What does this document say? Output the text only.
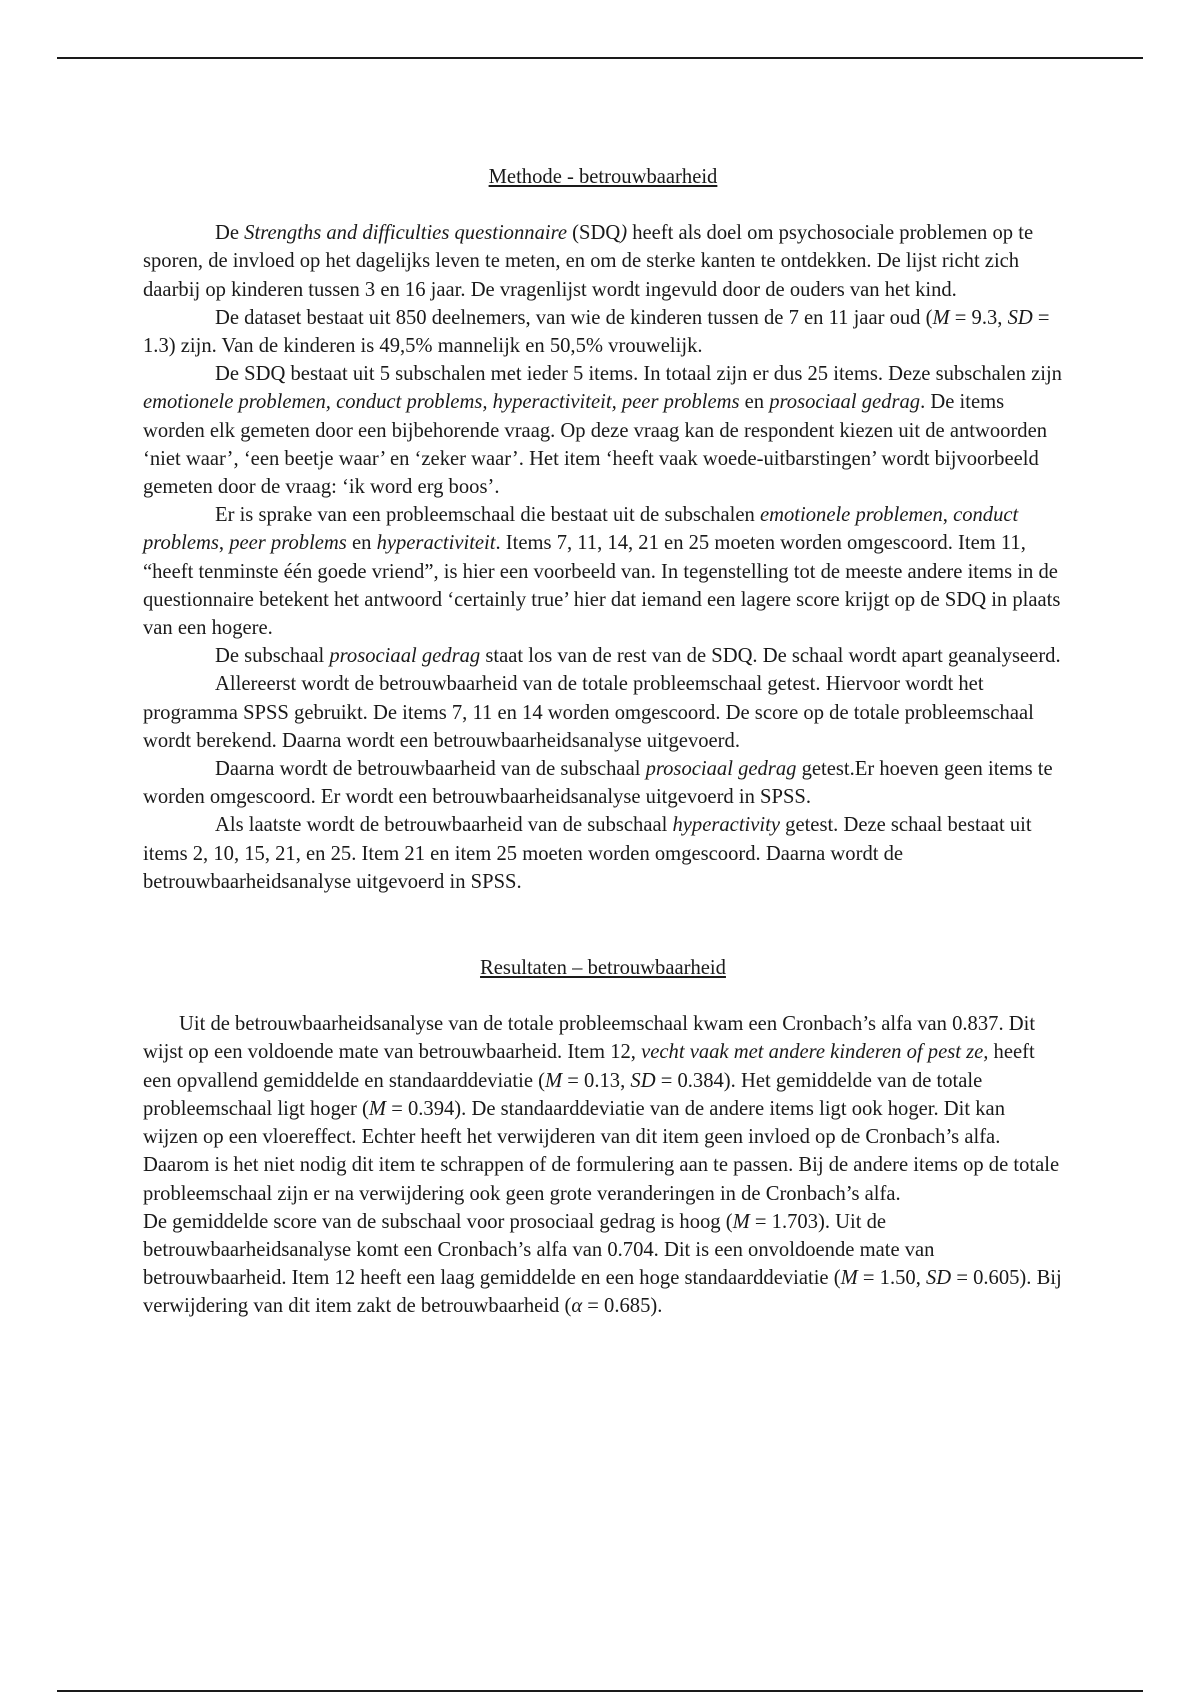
Methode - betrouwbaarheid

De Strengths and difficulties questionnaire (SDQ) heeft als doel om psychosociale problemen op te sporen, de invloed op het dagelijks leven te meten, en om de sterke kanten te ontdekken. De lijst richt zich daarbij op kinderen tussen 3 en 16 jaar. De vragenlijst wordt ingevuld door de ouders van het kind.

De dataset bestaat uit 850 deelnemers, van wie de kinderen tussen de 7 en 11 jaar oud (M = 9.3, SD = 1.3) zijn. Van de kinderen is 49,5% mannelijk en 50,5% vrouwelijk.

De SDQ bestaat uit 5 subschalen met ieder 5 items. In totaal zijn er dus 25 items. Deze subschalen zijn emotionele problemen, conduct problems, hyperactiviteit, peer problems en prosociaal gedrag. De items worden elk gemeten door een bijbehorende vraag. Op deze vraag kan de respondent kiezen uit de antwoorden ‘niet waar’, ‘een beetje waar’ en ‘zeker waar’. Het item ‘heeft vaak woede-uitbarstingen’ wordt bijvoorbeeld gemeten door de vraag: ‘ik word erg boos’.

Er is sprake van een probleemschaal die bestaat uit de subschalen emotionele problemen, conduct problems, peer problems en hyperactiviteit. Items 7, 11, 14, 21 en 25 moeten worden omgescoord. Item 11, “heeft tenminste één goede vriend”, is hier een voorbeeld van. In tegenstelling tot de meeste andere items in de questionnaire betekent het antwoord ‘certainly true’ hier dat iemand een lagere score krijgt op de SDQ in plaats van een hogere.

De subschaal prosociaal gedrag staat los van de rest van de SDQ. De schaal wordt apart geanalyseerd.

Allereerst wordt de betrouwbaarheid van de totale probleemschaal getest. Hiervoor wordt het programma SPSS gebruikt. De items 7, 11 en 14 worden omgescoord. De score op de totale probleemschaal wordt berekend. Daarna wordt een betrouwbaarheidsanalyse uitgevoerd.

Daarna wordt de betrouwbaarheid van de subschaal prosociaal gedrag getest.Er hoeven geen items te worden omgescoord. Er wordt een betrouwbaarheidsanalyse uitgevoerd in SPSS.

Als laatste wordt de betrouwbaarheid van de subschaal hyperactivity getest. Deze schaal bestaat uit items 2, 10, 15, 21, en 25. Item 21 en item 25 moeten worden omgescoord. Daarna wordt de betrouwbaarheidsanalyse uitgevoerd in SPSS.

Resultaten – betrouwbaarheid

Uit de betrouwbaarheidsanalyse van de totale probleemschaal kwam een Cronbach’s alfa van 0.837. Dit wijst op een voldoende mate van betrouwbaarheid. Item 12, vecht vaak met andere kinderen of pest ze, heeft een opvallend gemiddelde en standaarddeviatie (M = 0.13, SD = 0.384). Het gemiddelde van de totale probleemschaal ligt hoger (M = 0.394). De standaarddeviatie van de andere items ligt ook hoger. Dit kan wijzen op een vloereffect. Echter heeft het verwijderen van dit item geen invloed op de Cronbach’s alfa. Daarom is het niet nodig dit item te schrappen of de formulering aan te passen. Bij de andere items op de totale probleemschaal zijn er na verwijdering ook geen grote veranderingen in de Cronbach’s alfa.

De gemiddelde score van de subschaal voor prosociaal gedrag is hoog (M = 1.703). Uit de betrouwbaarheidsanalyse komt een Cronbach’s alfa van 0.704. Dit is een onvoldoende mate van betrouwbaarheid. Item 12 heeft een laag gemiddelde en een hoge standaarddeviatie (M = 1.50, SD = 0.605). Bij verwijdering van dit item zakt de betrouwbaarheid (α = 0.685).
